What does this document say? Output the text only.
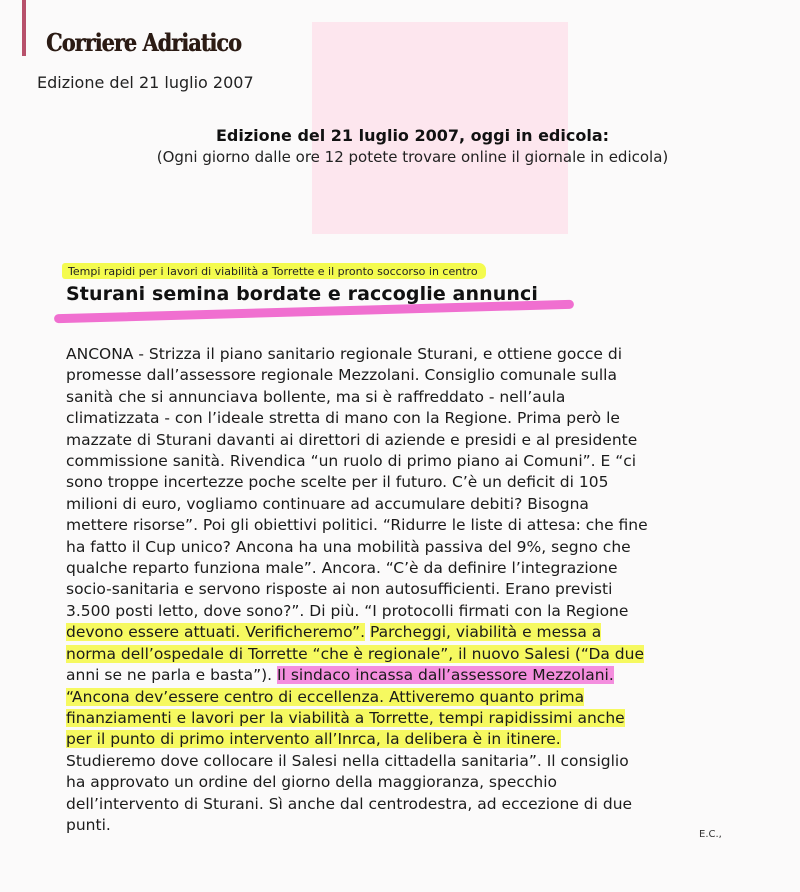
Corriere Adriatico
Edizione del 21 luglio 2007
Edizione del 21 luglio 2007, oggi in edicola:
(Ogni giorno dalle ore 12 potete trovare online il giornale in edicola)
Tempi rapidi per i lavori di viabilità a Torrette e il pronto soccorso in centro
Sturani semina bordate e raccoglie annunci
ANCONA - Strizza il piano sanitario regionale Sturani, e ottiene gocce di
promesse dall’assessore regionale Mezzolani. Consiglio comunale sulla
sanità che si annunciava bollente, ma si è raffreddato - nell’aula
climatizzata - con l’ideale stretta di mano con la Regione. Prima però le
mazzate di Sturani davanti ai direttori di aziende e presidi e al presidente
commissione sanità. Rivendica “un ruolo di primo piano ai Comuni”. E “ci
sono troppe incertezze poche scelte per il futuro. C’è un deficit di 105
milioni di euro, vogliamo continuare ad accumulare debiti? Bisogna
mettere risorse”. Poi gli obiettivi politici. “Ridurre le liste di attesa: che fine
ha fatto il Cup unico? Ancona ha una mobilità passiva del 9%, segno che
qualche reparto funziona male”. Ancora. “C’è da definire l’integrazione
socio-sanitaria e servono risposte ai non autosufficienti. Erano previsti
3.500 posti letto, dove sono?”. Di più. “I protocolli firmati con la Regione
devono essere attuati. Verificheremo”. Parcheggi, viabilità e messa a
norma dell’ospedale di Torrette “che è regionale”, il nuovo Salesi (“Da due
anni se ne parla e basta”). Il sindaco incassa dall’assessore Mezzolani.
“Ancona dev’essere centro di eccellenza. Attiveremo quanto prima
finanziamenti e lavori per la viabilità a Torrette, tempi rapidissimi anche
per il punto di primo intervento all’Inrca, la delibera è in itinere.
Studieremo dove collocare il Salesi nella cittadella sanitaria”. Il consiglio
ha approvato un ordine del giorno della maggioranza, specchio
dell’intervento di Sturani. Sì anche dal centrodestra, ad eccezione di due
punti.
E.C.,
